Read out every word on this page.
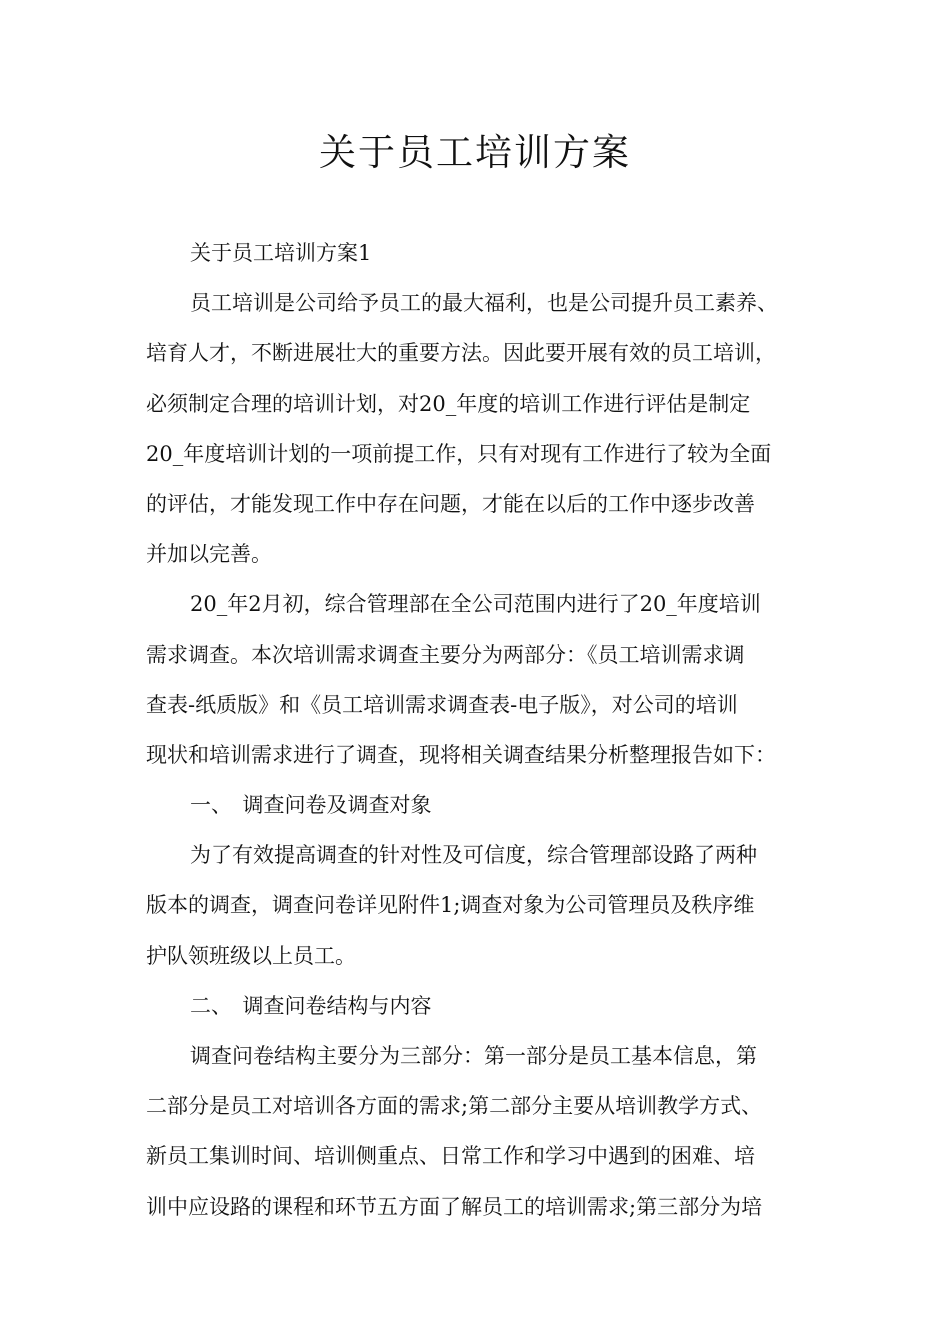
关于员工培训方案
关于员工培训方案1
员工培训是公司给予员工的最大福利，也是公司提升员工素养、
培育人才，不断进展壮大的重要方法。因此要开展有效的员工培训，
必须制定合理的培训计划，对20_年度的培训工作进行评估是制定
20_年度培训计划的一项前提工作，只有对现有工作进行了较为全面
的评估，才能发现工作中存在问题，才能在以后的工作中逐步改善
并加以完善。
20_年2月初，综合管理部在全公司范围内进行了20_年度培训
需求调查。本次培训需求调查主要分为两部分：《员工培训需求调
查表-纸质版》和《员工培训需求调查表-电子版》，对公司的培训
现状和培训需求进行了调查，现将相关调查结果分析整理报告如下：
一、　调查问卷及调查对象
为了有效提高调查的针对性及可信度，综合管理部设路了两种
版本的调查，调查问卷详见附件1;调查对象为公司管理员及秩序维
护队领班级以上员工。
二、　调查问卷结构与内容
调查问卷结构主要分为三部分：第一部分是员工基本信息，第
二部分是员工对培训各方面的需求;第二部分主要从培训教学方式、
新员工集训时间、培训侧重点、日常工作和学习中遇到的困难、培
训中应设路的课程和环节五方面了解员工的培训需求;第三部分为培
